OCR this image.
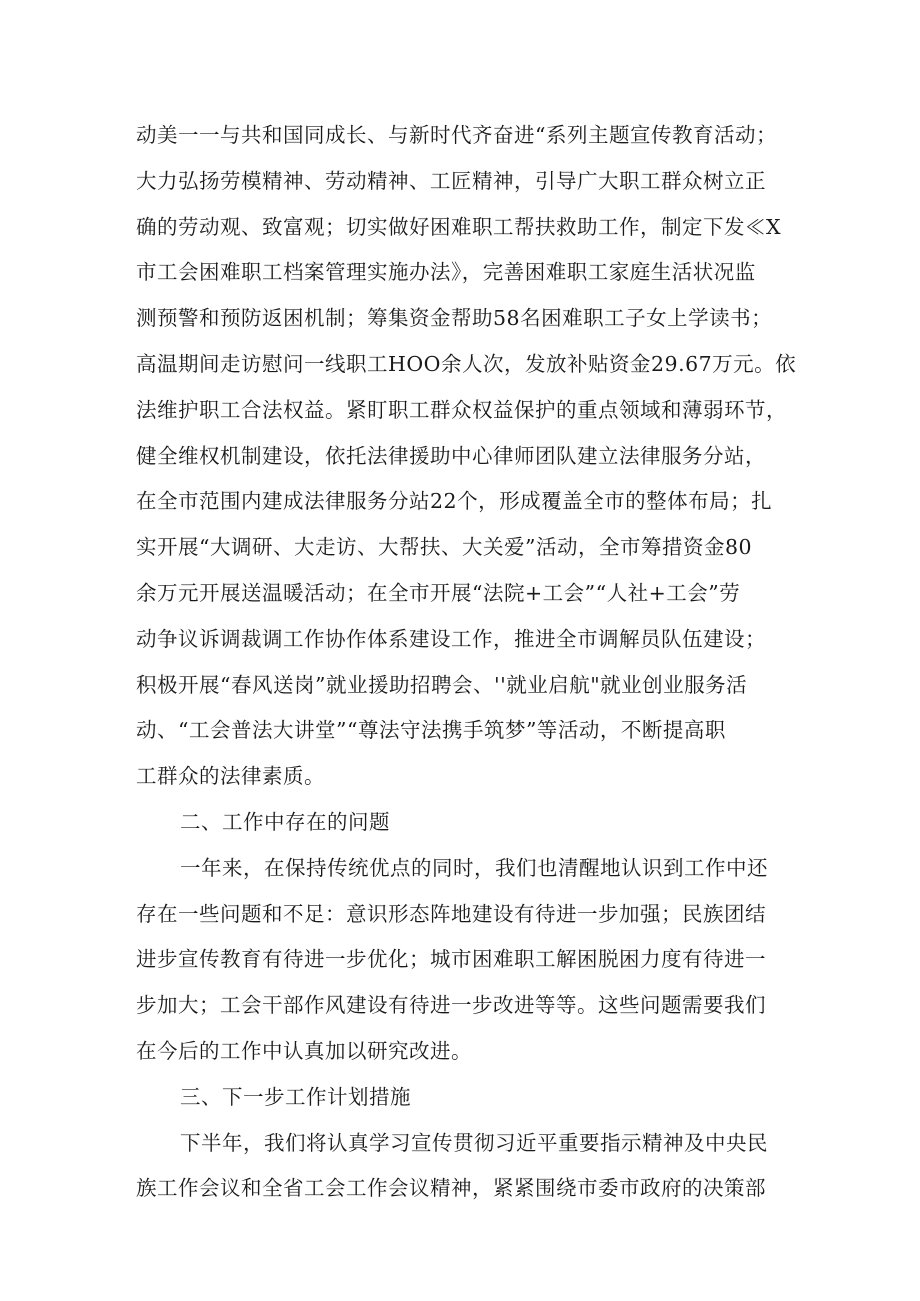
动美一一与共和国同成长、与新时代齐奋进“系列主题宣传教育活动；
大力弘扬劳模精神、劳动精神、工匠精神，引导广大职工群众树立正
确的劳动观、致富观；切实做好困难职工帮扶救助工作，制定下发≪X
市工会困难职工档案管理实施办法》，完善困难职工家庭生活状况监
测预警和预防返困机制；筹集资金帮助58名困难职工子女上学读书；
高温期间走访慰问一线职工HOO余人次，发放补贴资金29.67万元。依
法维护职工合法权益。紧盯职工群众权益保护的重点领域和薄弱环节，
健全维权机制建设，依托法律援助中心律师团队建立法律服务分站，
在全市范围内建成法律服务分站22个，形成覆盖全市的整体布局；扎
实开展“大调研、大走访、大帮扶、大关爱”活动，全市筹措资金80
余万元开展送温暖活动；在全市开展“法院+工会”“人社+工会”劳
动争议诉调裁调工作协作体系建设工作，推进全市调解员队伍建设；
积极开展“春风送岗”就业援助招聘会、''就业启航"就业创业服务活
动、“工会普法大讲堂”“尊法守法携手筑梦”等活动，不断提高职
工群众的法律素质。
二、工作中存在的问题
一年来，在保持传统优点的同时，我们也清醒地认识到工作中还
存在一些问题和不足：意识形态阵地建设有待进一步加强；民族团结
进步宣传教育有待进一步优化；城市困难职工解困脱困力度有待进一
步加大；工会干部作风建设有待进一步改进等等。这些问题需要我们
在今后的工作中认真加以研究改进。
三、下一步工作计划措施
下半年，我们将认真学习宣传贯彻习近平重要指示精神及中央民
族工作会议和全省工会工作会议精神，紧紧围绕市委市政府的决策部
